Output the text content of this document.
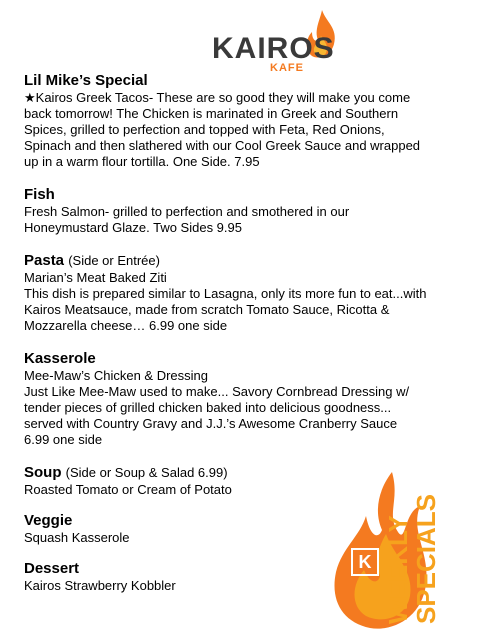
KAIROS
KAFE
Lil Mike’s Special
★Kairos Greek Tacos- These are so good they will make you come
back tomorrow! The Chicken is marinated in Greek and Southern
Spices, grilled to perfection and topped with Feta, Red Onions,
Spinach and then slathered with our Cool Greek Sauce and wrapped
up in a warm flour tortilla. One Side. 7.95
Fish
Fresh Salmon- grilled to perfection and smothered in our
Honeymustard Glaze. Two Sides 9.95
Pasta (Side or Entrée)
Marian’s Meat Baked Ziti
This dish is prepared similar to Lasagna, only its more fun to eat...with
Kairos Meatsauce, made from scratch Tomato Sauce, Ricotta &
Mozzarella cheese… 6.99 one side
Kasserole
Mee-Maw’s Chicken & Dressing
Just Like Mee-Maw used to make... Savory Cornbread Dressing w/
tender pieces of grilled chicken baked into delicious goodness...
served with Country Gravy and J.J.’s Awesome Cranberry Sauce
6.99 one side
Soup (Side or Soup & Salad 6.99)
Roasted Tomato or Cream of Potato
Veggie
Squash Kasserole
Dessert
Kairos Strawberry Kobbler
K WEEKLY
SPECIALS
